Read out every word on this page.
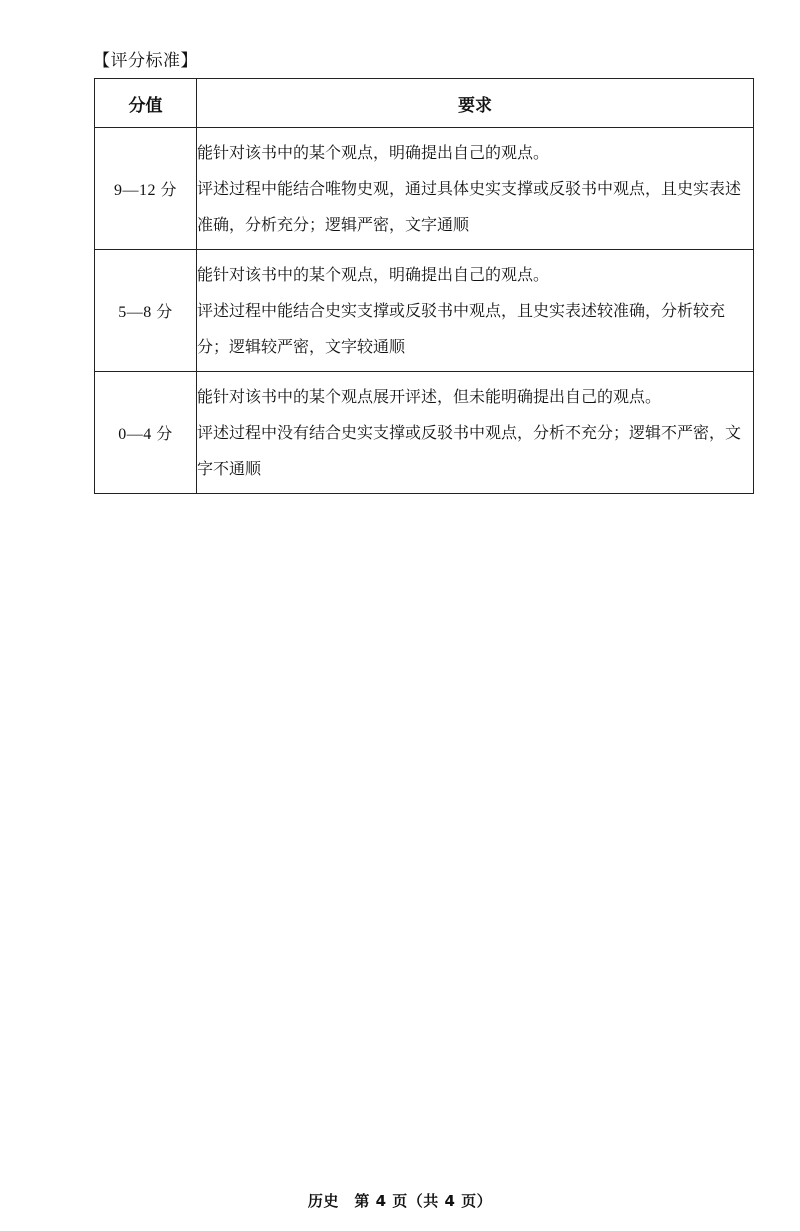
【评分标准】
分值	要求
9—12 分	能针对该书中的某个观点，明确提出自己的观点。

评述过程中能结合唯物史观，通过具体史实支撑或反驳书中观点，且史实表述准确，分析充分；逻辑严密，文字通顺

5—8 分	能针对该书中的某个观点，明确提出自己的观点。

评述过程中能结合史实支撑或反驳书中观点，且史实表述较准确，分析较充分；逻辑较严密，文字较通顺

0—4 分	能针对该书中的某个观点展开评述，但未能明确提出自己的观点。

评述过程中没有结合史实支撑或反驳书中观点，分析不充分；逻辑不严密，文字不通顺

历史　第 4 页（共 4 页）
